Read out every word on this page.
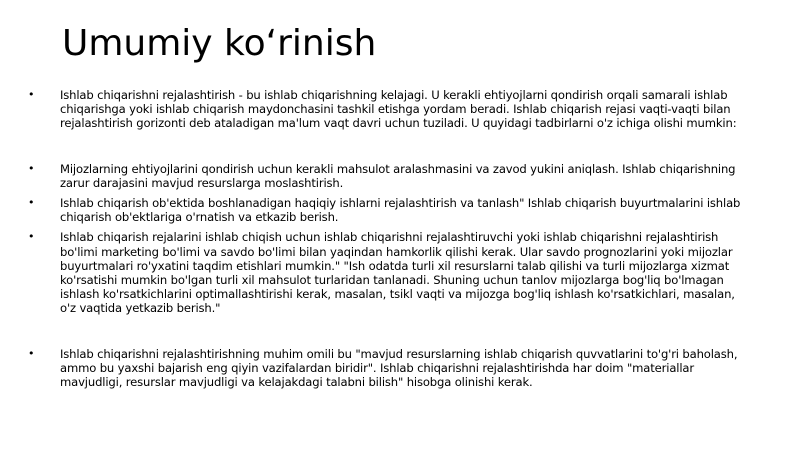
Umumiy ko‘rinish
• Ishlab chiqarishni rejalashtirish - bu ishlab chiqarishning kelajagi. U kerakli ehtiyojlarni qondirish orqali samarali ishlab chiqarishga yoki ishlab chiqarish maydonchasini tashkil etishga yordam beradi. Ishlab chiqarish rejasi vaqti-vaqti bilan rejalashtirish gorizonti deb ataladigan ma'lum vaqt davri uchun tuziladi. U quyidagi tadbirlarni o'z ichiga olishi mumkin:
• Mijozlarning ehtiyojlarini qondirish uchun kerakli mahsulot aralashmasini va zavod yukini aniqlash. Ishlab chiqarishning zarur darajasini mavjud resurslarga moslashtirish.
• Ishlab chiqarish ob'ektida boshlanadigan haqiqiy ishlarni rejalashtirish va tanlash" Ishlab chiqarish buyurtmalarini ishlab chiqarish ob'ektlariga o'rnatish va etkazib berish.
• Ishlab chiqarish rejalarini ishlab chiqish uchun ishlab chiqarishni rejalashtiruvchi yoki ishlab chiqarishni rejalashtirish bo'limi marketing bo'limi va savdo bo'limi bilan yaqindan hamkorlik qilishi kerak. Ular savdo prognozlarini yoki mijozlar buyurtmalari ro'yxatini taqdim etishlari mumkin." "Ish odatda turli xil resurslarni talab qilishi va turli mijozlarga xizmat ko'rsatishi mumkin bo'lgan turli xil mahsulot turlaridan tanlanadi. Shuning uchun tanlov mijozlarga bog'liq bo'lmagan ishlash ko'rsatkichlarini optimallashtirishi kerak, masalan, tsikl vaqti va mijozga bog'liq ishlash ko'rsatkichlari, masalan, o'z vaqtida yetkazib berish."
• Ishlab chiqarishni rejalashtirishning muhim omili bu "mavjud resurslarning ishlab chiqarish quvvatlarini to'g'ri baholash, ammo bu yaxshi bajarish eng qiyin vazifalardan biridir". Ishlab chiqarishni rejalashtirishda har doim "materiallar mavjudligi, resurslar mavjudligi va kelajakdagi talabni bilish" hisobga olinishi kerak.
